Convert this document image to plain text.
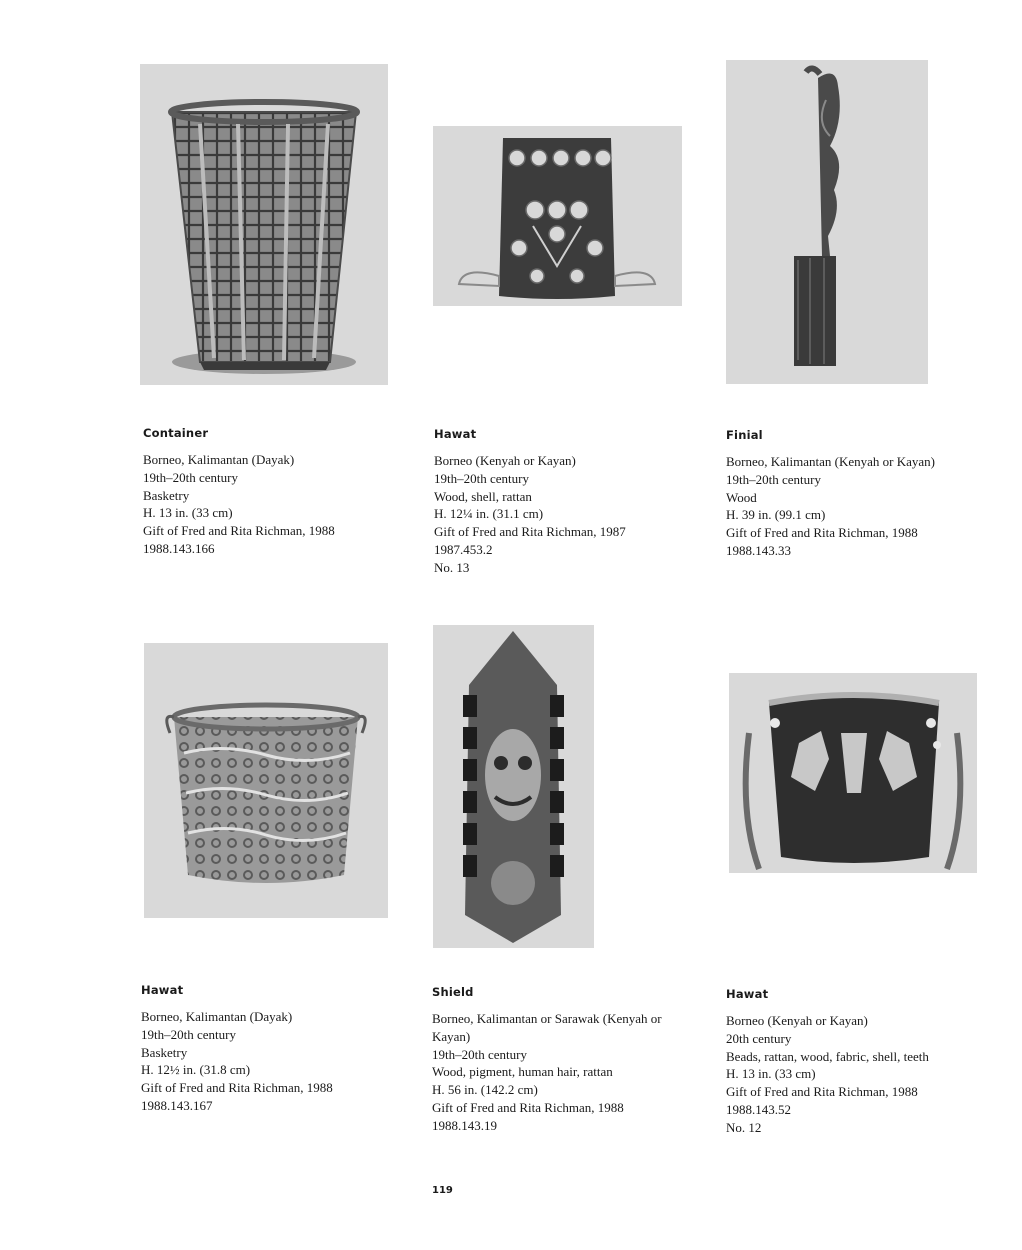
Container

Borneo, Kalimantan (Dayak)

19th–20th century

Basketry

H. 13 in. (33 cm)

Gift of Fred and Rita Richman, 1988

1988.143.166

Hawat

Borneo (Kenyah or Kayan)

19th–20th century

Wood, shell, rattan

H. 12¼ in. (31.1 cm)

Gift of Fred and Rita Richman, 1987

1987.453.2

No. 13

Finial

Borneo, Kalimantan (Kenyah or Kayan)

19th–20th century

Wood

H. 39 in. (99.1 cm)

Gift of Fred and Rita Richman, 1988

1988.143.33

Hawat

Borneo, Kalimantan (Dayak)

19th–20th century

Basketry

H. 12½ in. (31.8 cm)

Gift of Fred and Rita Richman, 1988

1988.143.167

Shield

Borneo, Kalimantan or Sarawak (Kenyah or

Kayan)

19th–20th century

Wood, pigment, human hair, rattan

H. 56 in. (142.2 cm)

Gift of Fred and Rita Richman, 1988

1988.143.19

Hawat

Borneo (Kenyah or Kayan)

20th century

Beads, rattan, wood, fabric, shell, teeth

H. 13 in. (33 cm)

Gift of Fred and Rita Richman, 1988

1988.143.52

No. 12

119
